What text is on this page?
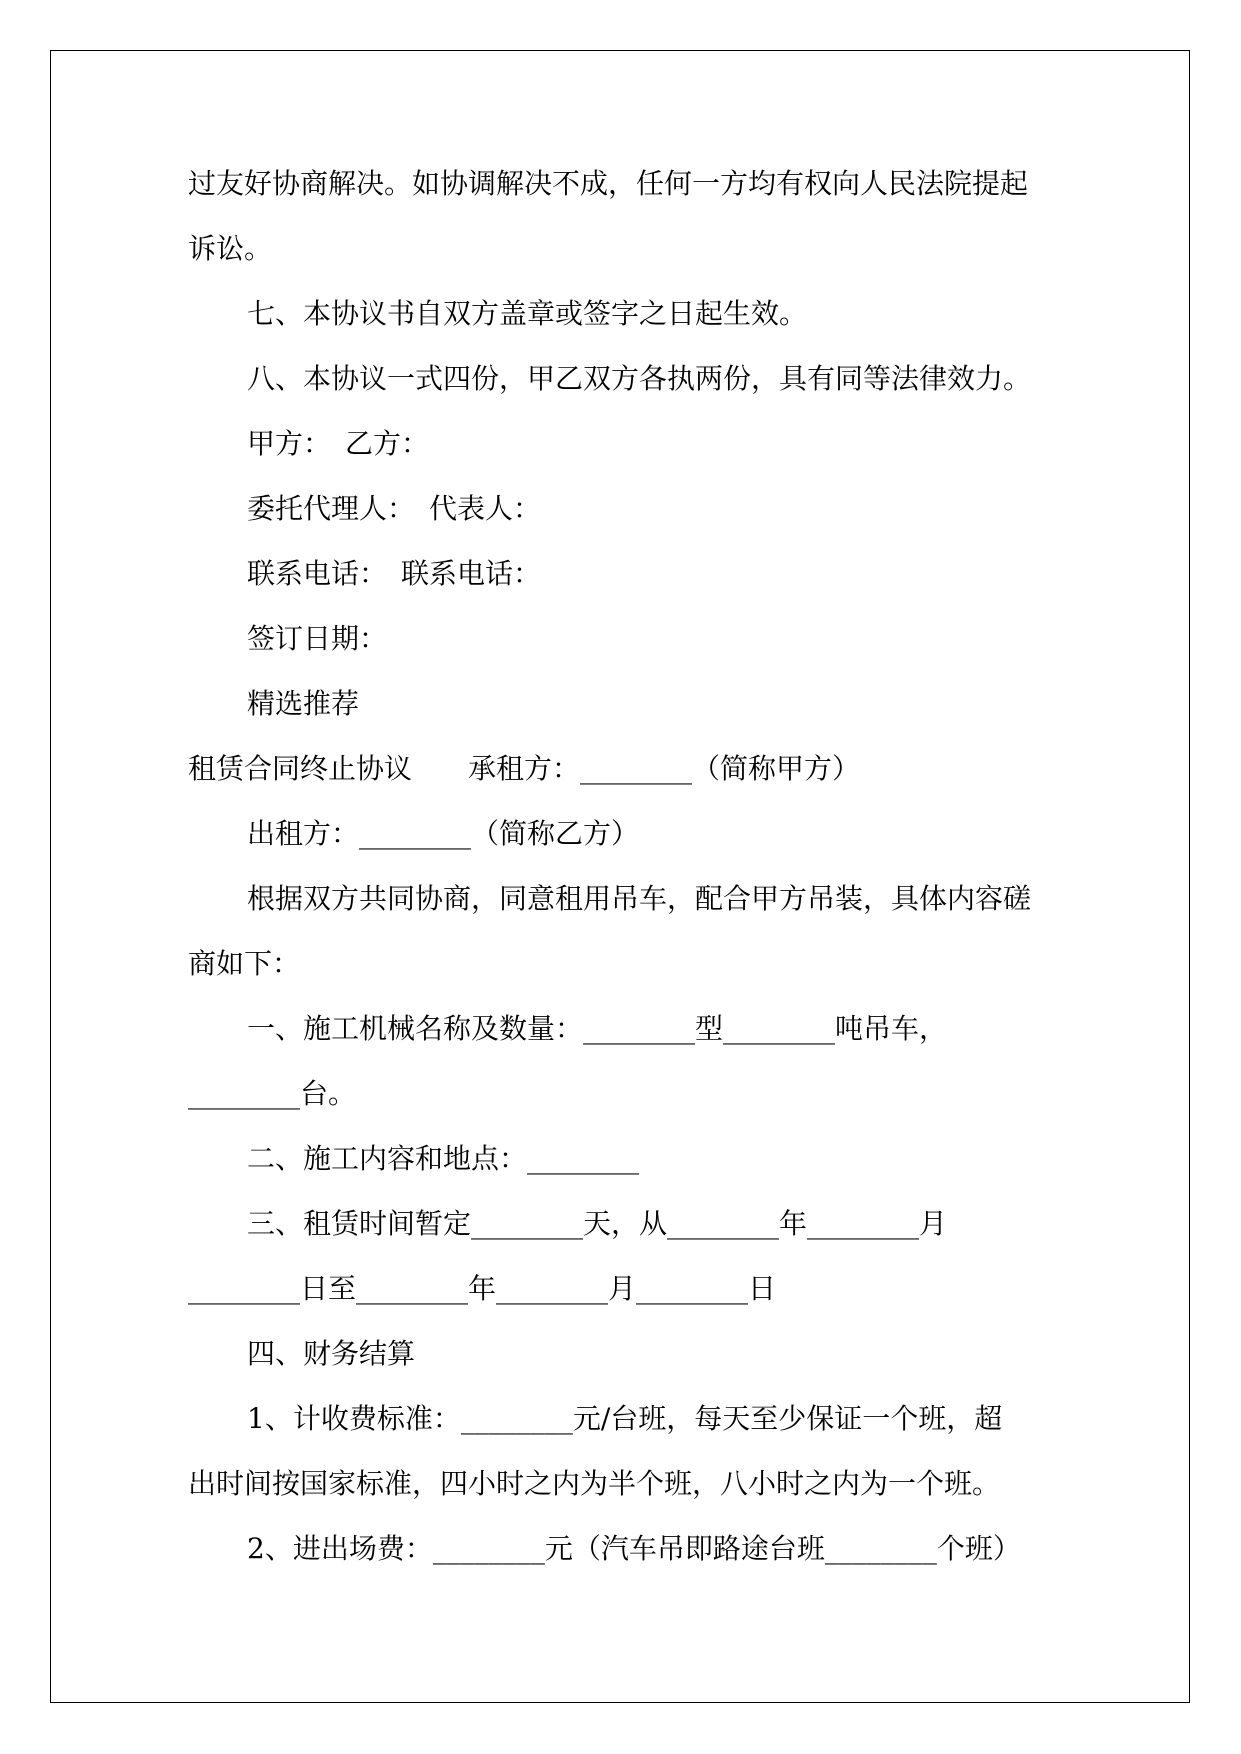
过友好协商解决。如协调解决不成，任何一方均有权向人民法院提起
诉讼。
七、本协议书自双方盖章或签字之日起生效。
八、本协议一式四份，甲乙双方各执两份，具有同等法律效力。
甲方：　乙方：
委托代理人：　代表人：
联系电话：　联系电话：
签订日期：
精选推荐
租赁合同终止协议　　承租方：________（简称甲方）
出租方：________（简称乙方）
根据双方共同协商，同意租用吊车，配合甲方吊装，具体内容磋
商如下：
一、施工机械名称及数量：________型________吨吊车，
________台。
二、施工内容和地点：________
三、租赁时间暂定________天，从________年________月
________日至________年________月________日
四、财务结算
1、计收费标准：________元/台班，每天至少保证一个班，超
出时间按国家标准，四小时之内为半个班，八小时之内为一个班。
2、进出场费：________元（汽车吊即路途台班________个班）
